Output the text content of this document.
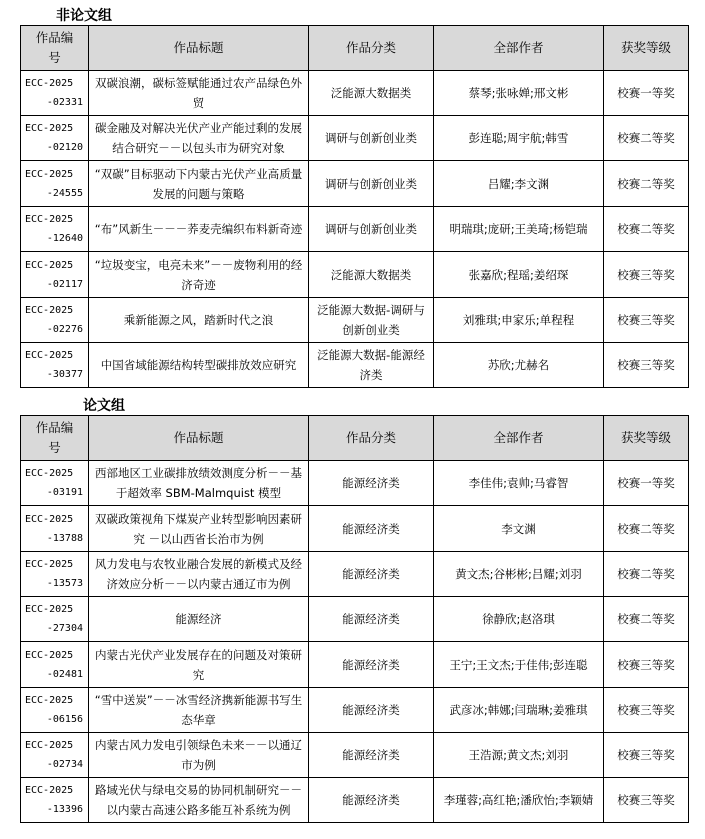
非论文组
作品编号	作品标题	作品分类	全部作者	获奖等级

ECC-2025
-02331	双碳浪潮，碳标签赋能通过农产品绿色外贸	泛能源大数据类	蔡琴;张咏婵;邢文彬	校赛一等奖

ECC-2025
-02120	碳金融及对解决光伏产业产能过剩的发展结合研究－－以包头市为研究对象	调研与创新创业类	彭连聪;周宇航;韩雪	校赛二等奖

ECC-2025
-24555	“双碳”目标驱动下内蒙古光伏产业高质量发展的问题与策略	调研与创新创业类	吕耀;李文渊	校赛二等奖

ECC-2025
-12640	“布”风新生－－－荞麦壳编织布料新奇迹	调研与创新创业类	明瑞琪;庞研;王美琦;杨铠瑞	校赛二等奖

ECC-2025
-02117	“垃圾变宝，电亮未来”－－废物利用的经济奇迹	泛能源大数据类	张嘉欣;程瑶;姜绍琛	校赛三等奖

ECC-2025
-02276	乘新能源之风，踏新时代之浪	泛能源大数据-调研与创新创业类	刘雅琪;申家乐;单程程	校赛三等奖

ECC-2025
-30377	中国省域能源结构转型碳排放效应研究	泛能源大数据-能源经济类	苏欣;尤赫名	校赛三等奖
论文组
作品编号	作品标题	作品分类	全部作者	获奖等级

ECC-2025
-03191	西部地区工业碳排放绩效测度分析－－基于超效率 SBM-Malmquist 模型	能源经济类	李佳伟;袁帅;马睿智	校赛一等奖

ECC-2025
-13788	双碳政策视角下煤炭产业转型影响因素研究 －以山西省长治市为例	能源经济类	李文渊	校赛二等奖

ECC-2025
-13573	风力发电与农牧业融合发展的新模式及经济效应分析－－以内蒙古通辽市为例	能源经济类	黄文杰;谷彬彬;吕耀;刘羽	校赛二等奖

ECC-2025
-27304	能源经济	能源经济类	徐静欣;赵洛琪	校赛二等奖

ECC-2025
-02481	内蒙古光伏产业发展存在的问题及对策研究	能源经济类	王宁;王文杰;于佳伟;彭连聪	校赛三等奖

ECC-2025
-06156	“雪中送炭”－－冰雪经济携新能源书写生态华章	能源经济类	武彦冰;韩娜;闫瑞琳;姜雅琪	校赛三等奖

ECC-2025
-02734	内蒙古风力发电引领绿色未来－－以通辽市为例	能源经济类	王浩源;黄文杰;刘羽	校赛三等奖

ECC-2025
-13396	路域光伏与绿电交易的协同机制研究－－以内蒙古高速公路多能互补系统为例	能源经济类	李瑾蓉;高红艳;潘欣怡;李颖婧	校赛三等奖
